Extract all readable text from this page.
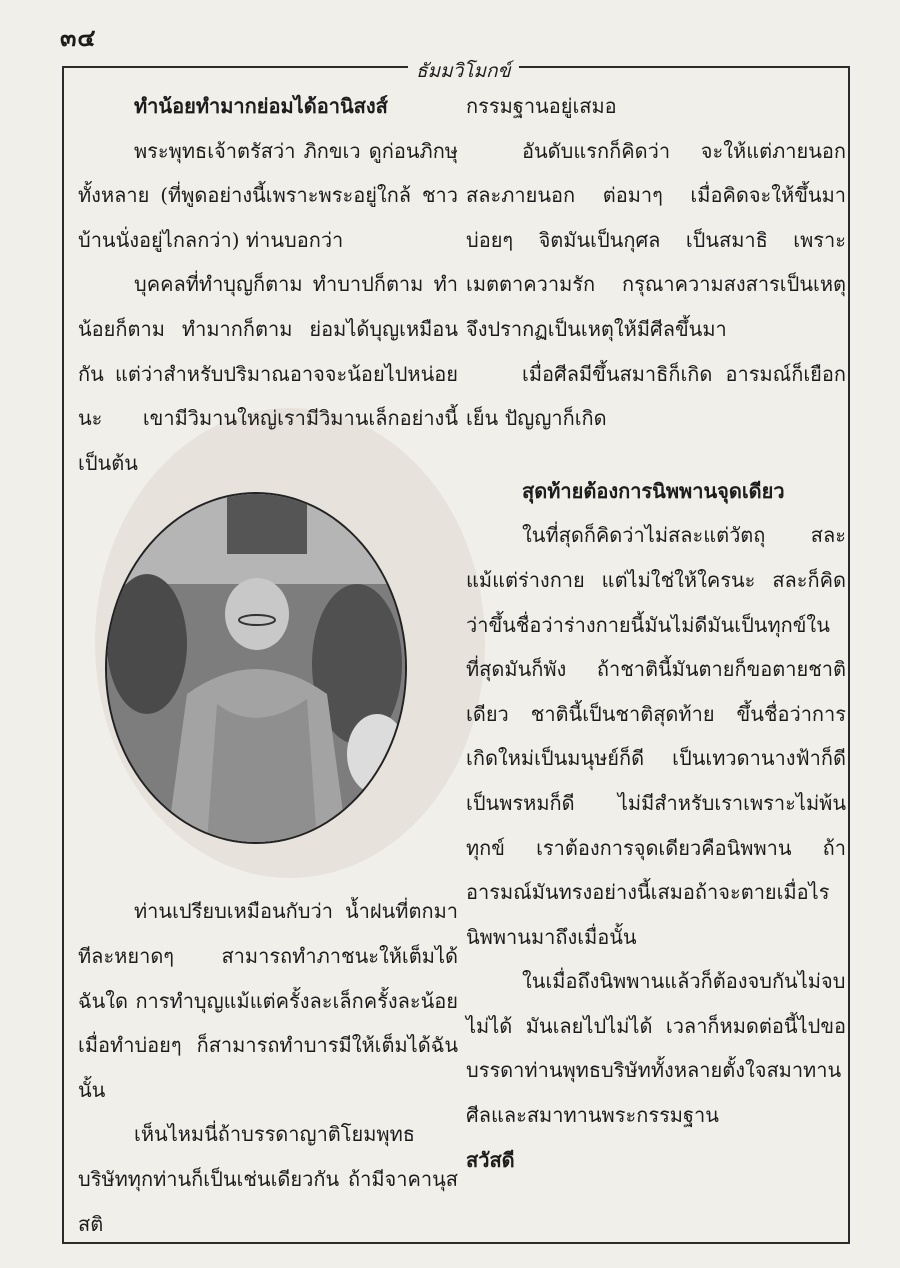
๓๔
ธัมมวิโมกข์
ทำน้อยทำมากย่อมได้อานิสงส์

พระพุทธเจ้าตรัสว่า ภิกขเว ดูก่อนภิกษุทั้งหลาย (ที่พูดอย่างนี้เพราะพระอยู่ใกล้ ชาวบ้านนั่งอยู่ไกลกว่า) ท่านบอกว่า

บุคคลที่ทำบุญก็ตาม ทำบาปก็ตาม ทำน้อยก็ตาม ทำมากก็ตาม ย่อมได้บุญเหมือนกัน แต่ว่าสำหรับปริมาณอาจจะน้อยไปหน่อยนะ เขามีวิมานใหญ่เรามีวิมานเล็กอย่างนี้เป็นต้น

ท่านเปรียบเหมือนกับว่า น้ำฝนที่ตกมาทีละหยาดๆ สามารถทำภาชนะให้เต็มได้ฉันใด การทำบุญแม้แต่ครั้งละเล็กครั้งละน้อย เมื่อทำบ่อยๆ ก็สามารถทำบารมีให้เต็มได้ฉันนั้น

เห็นไหมนี่ถ้าบรรดาญาติโยมพุทธบริษัททุกท่านก็เป็นเช่นเดียวกัน ถ้ามีจาคานุสสติ

กรรมฐานอยู่เสมอ

อันดับแรกก็คิดว่า จะให้แต่ภายนอกสละภายนอก ต่อมาๆ เมื่อคิดจะให้ขึ้นมาบ่อยๆ จิตมันเป็นกุศล เป็นสมาธิ เพราะเมตตาความรัก กรุณาความสงสารเป็นเหตุจึงปรากฏเป็นเหตุให้มีศีลขึ้นมา

เมื่อศีลมีขึ้นสมาธิก็เกิด อารมณ์ก็เยือกเย็น ปัญญาก็เกิด

สุดท้ายต้องการนิพพานจุดเดียว

ในที่สุดก็คิดว่าไม่สละแต่วัตถุ สละแม้แต่ร่างกาย แต่ไม่ใช่ให้ใครนะ สละก็คิดว่าขึ้นชื่อว่าร่างกายนี้มันไม่ดีมันเป็นทุกข์ในที่สุดมันก็พัง ถ้าชาตินี้มันตายก็ขอตายชาติเดียว ชาตินี้เป็นชาติสุดท้าย ขึ้นชื่อว่าการเกิดใหม่เป็นมนุษย์ก็ดี เป็นเทวดานางฟ้าก็ดี เป็นพรหมก็ดี ไม่มีสำหรับเราเพราะไม่พ้นทุกข์ เราต้องการจุดเดียวคือนิพพาน ถ้าอารมณ์มันทรงอย่างนี้เสมอถ้าจะตายเมื่อไรนิพพานมาถึงเมื่อนั้น

ในเมื่อถึงนิพพานแล้วก็ต้องจบกันไม่จบไม่ได้ มันเลยไปไม่ได้ เวลาก็หมดต่อนี้ไปขอบรรดาท่านพุทธบริษัททั้งหลายตั้งใจสมาทานศีลและสมาทานพระกรรมฐาน

สวัสดี
